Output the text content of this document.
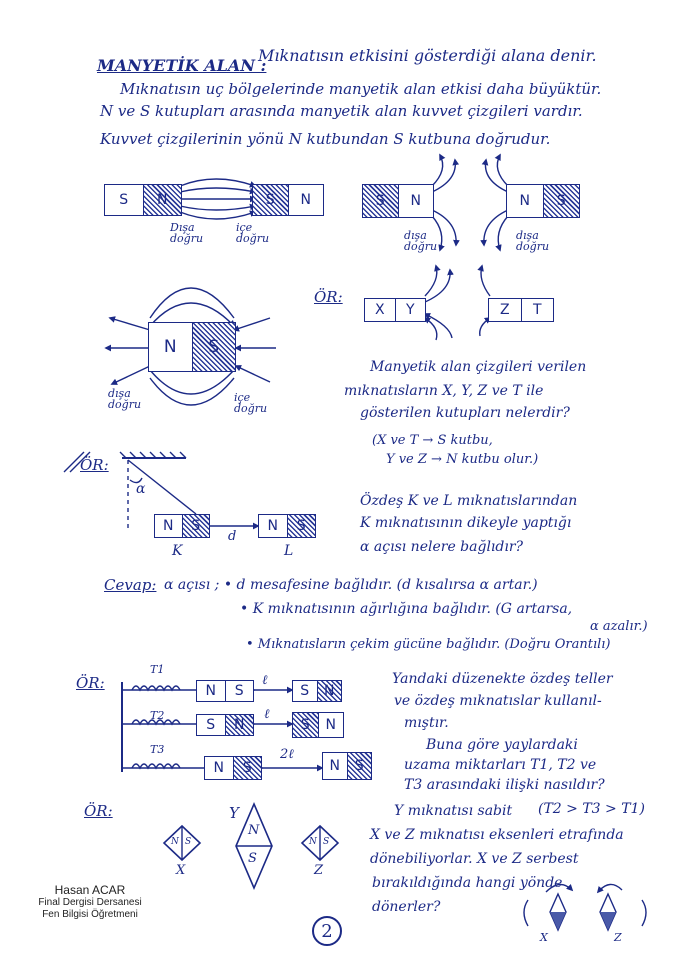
MANYETİK ALAN :
Mıknatısın etkisini gösterdiği alana denir.
Mıknatısın uç bölgelerinde manyetik alan etkisi daha büyüktür.
N ve S kutupları arasında manyetik alan kuvvet çizgileri vardır.
Kuvvet çizgilerinin yönü N kutbundan S kutbuna doğrudur.
S	N	S	N
Dışa
doğru
içe
doğru
S	N	N	S
dışa
doğru
dışa
doğru
N	S
dışa
doğru
içe
doğru
ÖR:
X	Y	Z	T
Manyetik alan çizgileri verilen
mıknatısların X, Y, Z ve T ile
gösterilen kutupları nelerdir?
(X ve T → S kutbu,
Y ve Z → N kutbu olur.)
ÖR:
α
N	S	N	S
K	L
d
Özdeş K ve L mıknatıslarından
K mıknatısının dikeyle yaptığı
α açısı nelere bağlıdır?
Cevap: α açısı ; • d mesafesine bağlıdır. (d kısalırsa α artar.)
• K mıknatısının ağırlığına bağlıdır. (G artarsa,
α azalır.)
• Mıknatısların çekim gücüne bağlıdır. (Doğru Orantılı)
ÖR:
T1
T2
T3
N	S
ℓ
S	N
S	N
ℓ
S	N
N	S
2ℓ
N	S
Yandaki düzenekte özdeş teller
ve özdeş mıknatıslar kullanıl-
mıştır.
Buna göre yaylardaki
uzama miktarları T1, T2 ve
T3 arasındaki ilişki nasıldır?
ÖR:	Y
N
S
N S	N S
X	Z
(T2 > T3 > T1)
Y mıknatısı sabit
X ve Z mıknatısı eksenleri etrafında
dönebiliyorlar. X ve Z serbest
bırakıldığında hangi yönde
dönerler?
X	Z
Hasan ACAR
Final Dergisi Dersanesi
Fen Bilgisi Öğretmeni
2
